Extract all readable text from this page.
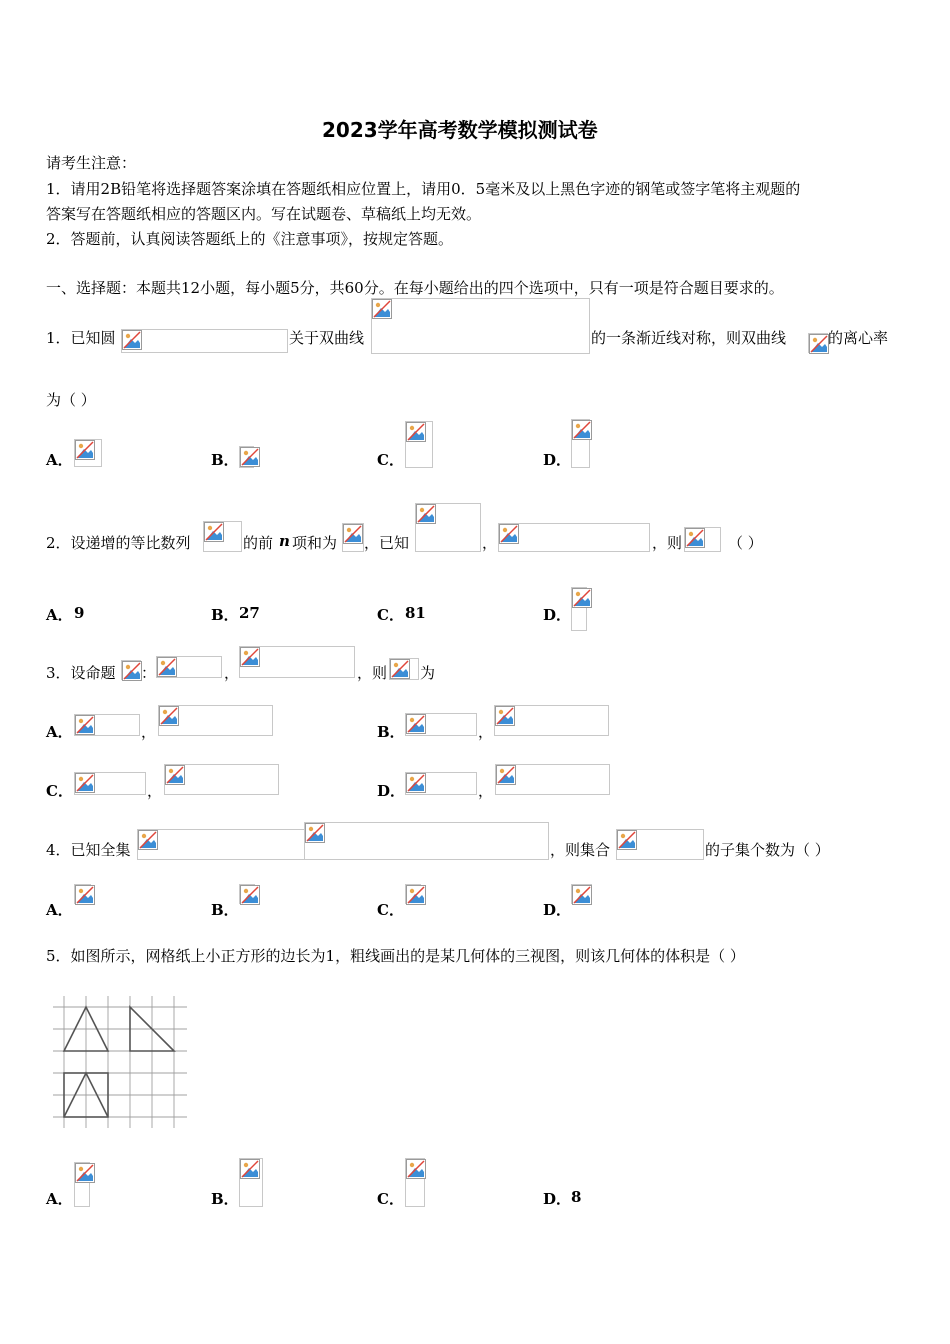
2023学年高考数学模拟测试卷
请考生注意：
1．请用2B铅笔将选择题答案涂填在答题纸相应位置上，请用0．5毫米及以上黑色字迹的钢笔或签字笔将主观题的
答案写在答题纸相应的答题区内。写在试题卷、草稿纸上均无效。
2．答题前，认真阅读答题纸上的《注意事项》，按规定答题。
一、选择题：本题共12小题，每小题5分，共60分。在每小题给出的四个选项中，只有一项是符合题目要求的。
1．已知圆	关于双曲线	的一条渐近线对称，则双曲线	的离心率
为（ ）
A．	B．	C．	D．
2．设递增的等比数列	的前 n 项和为 ，已知	，	，则	（ ）
A． 9	B． 27	C． 81	D．
3．设命题 ：	，	，则 为
A．	，	B．	，
C．	，	D．	，
4．已知全集	，则集合	的子集个数为（ ）
A．	B．	C．	D．
5．如图所示，网格纸上小正方形的边长为1，粗线画出的是某几何体的三视图，则该几何体的体积是（ ）
A．	B．	C．	D． 8
